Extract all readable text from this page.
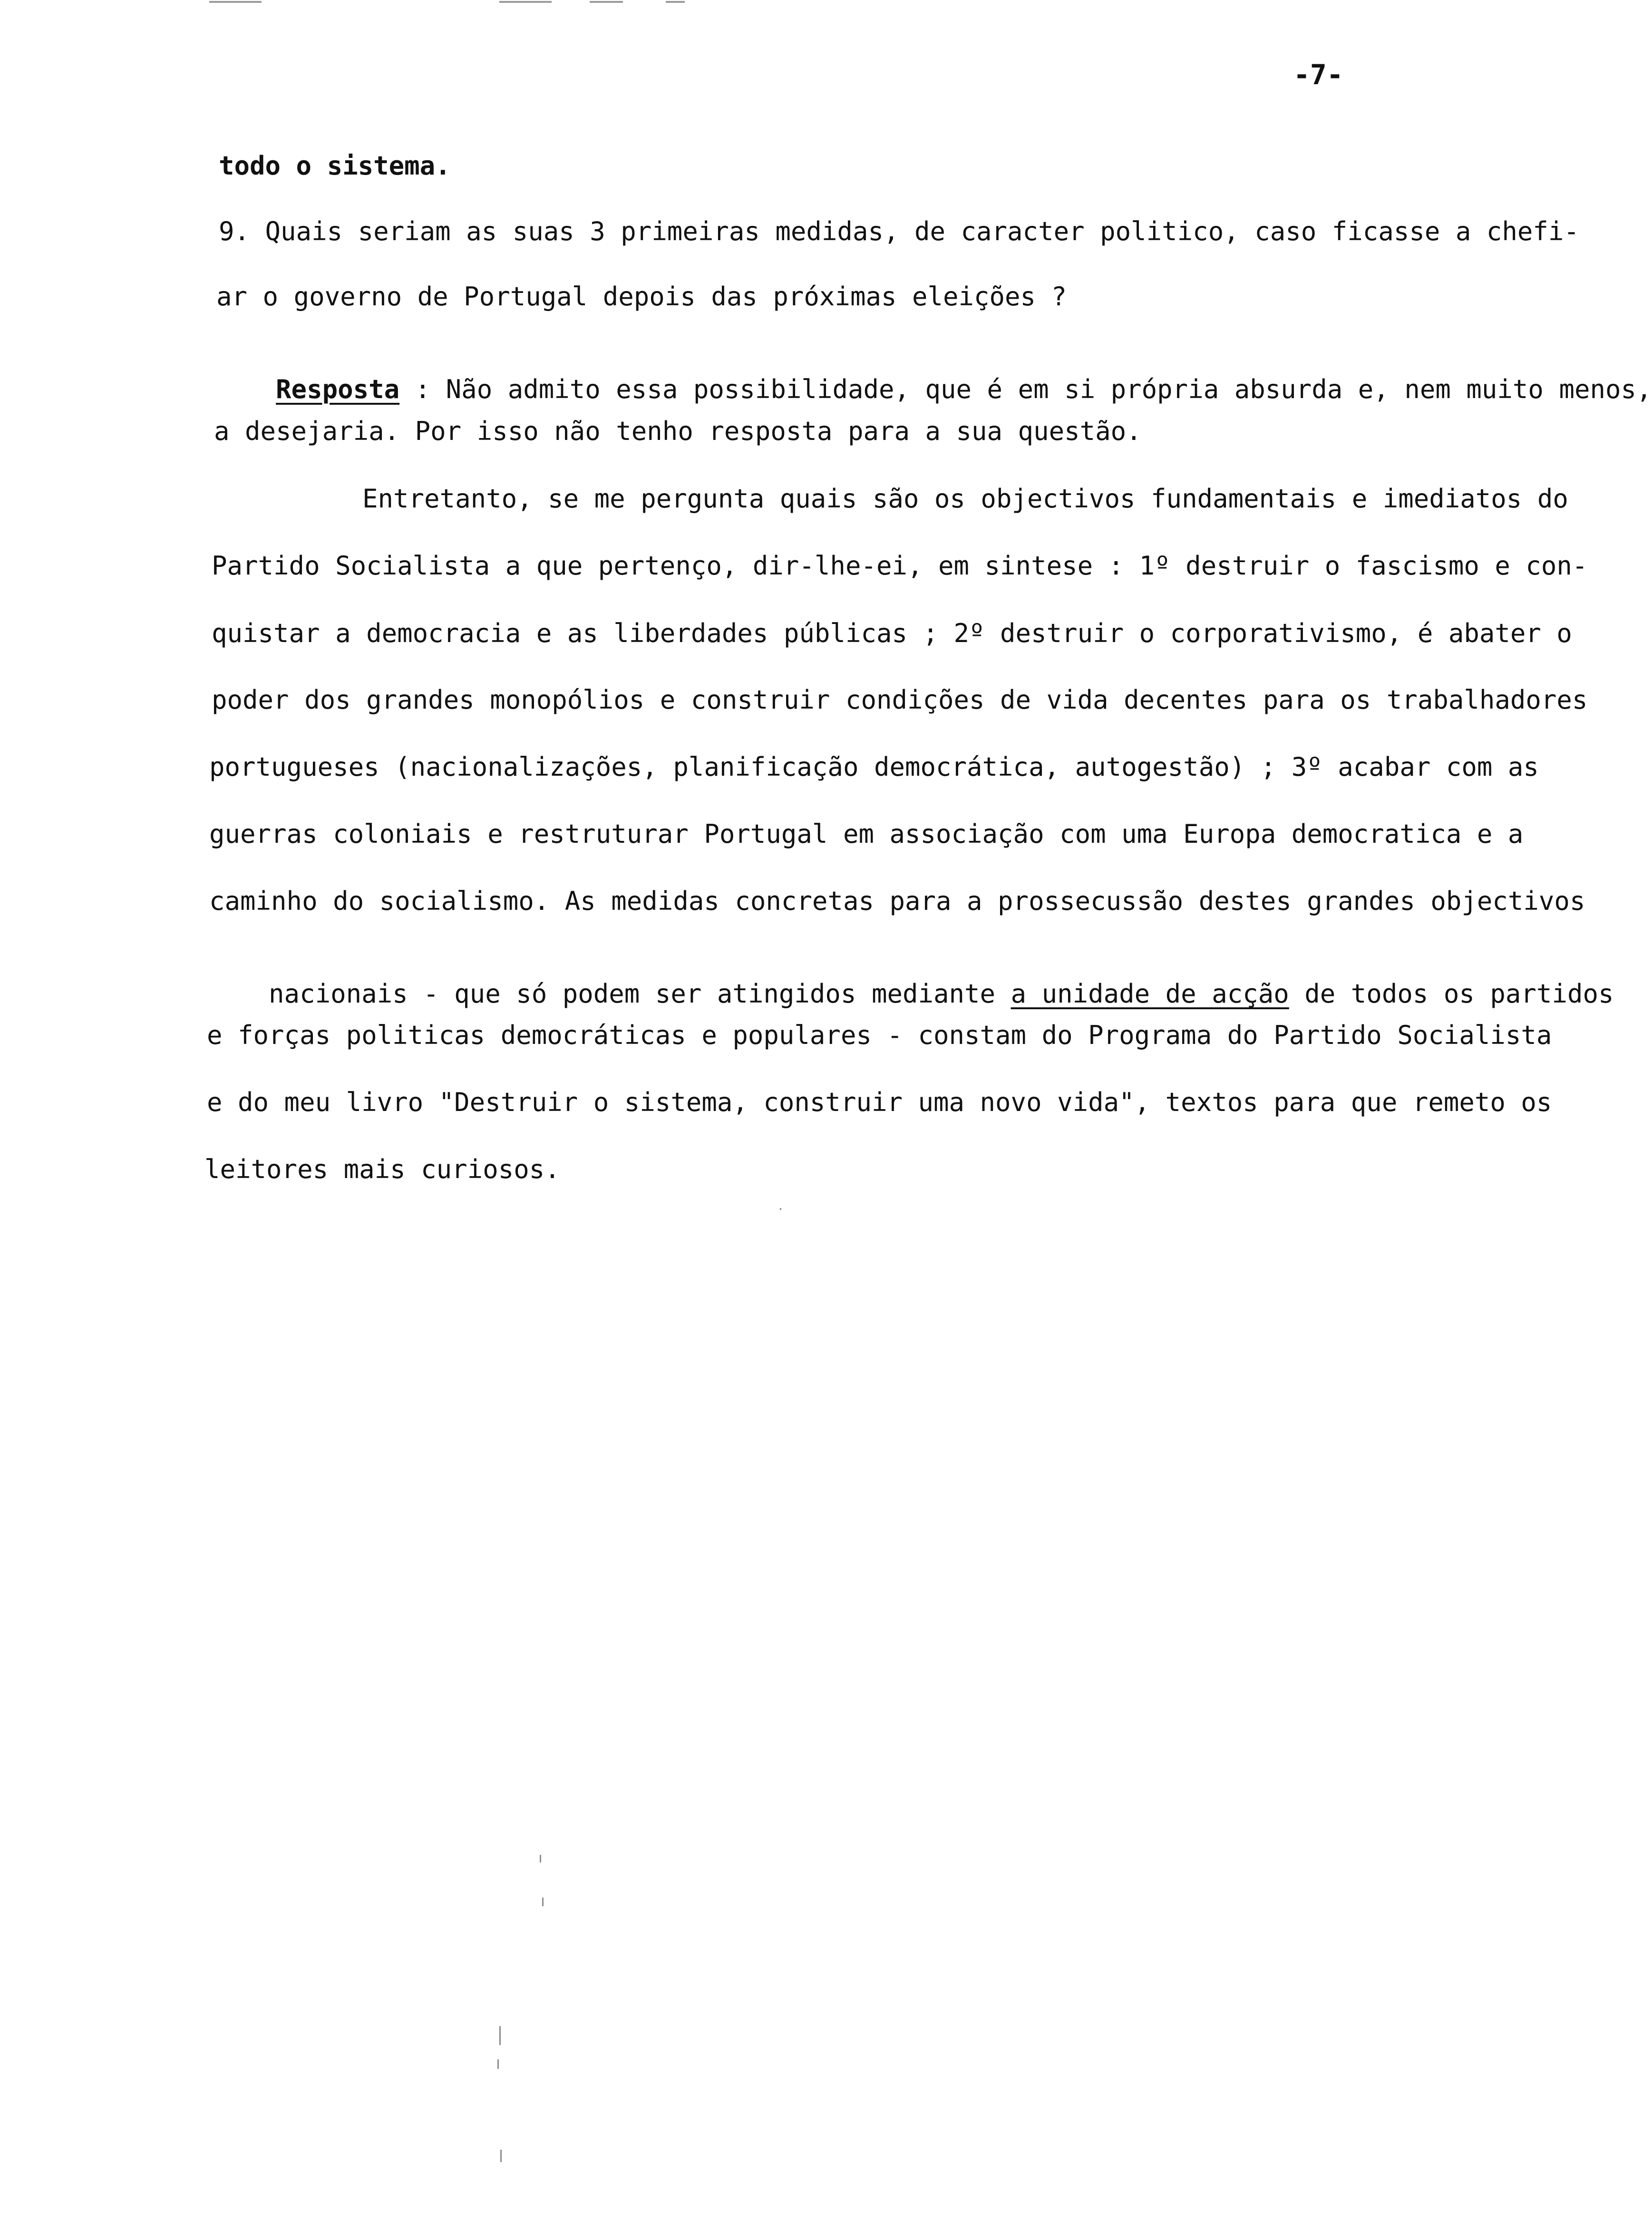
-7-
todo o sistema.
9. Quais seriam as suas 3 primeiras medidas, de caracter politico, caso ficasse a chefi-
ar o governo de Portugal depois das próximas eleições ?

Resposta : Não admito essa possibilidade, que é em si própria absurda e, nem muito menos,

a desejaria. Por isso não tenho resposta para a sua questão.
Entretanto, se me pergunta quais são os objectivos fundamentais e imediatos do
Partido Socialista a que pertenço, dir-lhe-ei, em sintese : 1º destruir o fascismo e con-
quistar a democracia e as liberdades públicas ; 2º destruir o corporativismo, é abater o
poder dos grandes monopólios e construir condições de vida decentes para os trabalhadores
portugueses (nacionalizações, planificação democrática, autogestão) ; 3º acabar com as
guerras coloniais e restruturar Portugal em associação com uma Europa democratica e a
caminho do socialismo. As medidas concretas para a prossecussão destes grandes objectivos

nacionais - que só podem ser atingidos mediante a unidade de acção de todos os partidos

e forças politicas democráticas e populares - constam do Programa do Partido Socialista
e do meu livro "Destruir o sistema, construir uma novo vida", textos para que remeto os
leitores mais curiosos.
